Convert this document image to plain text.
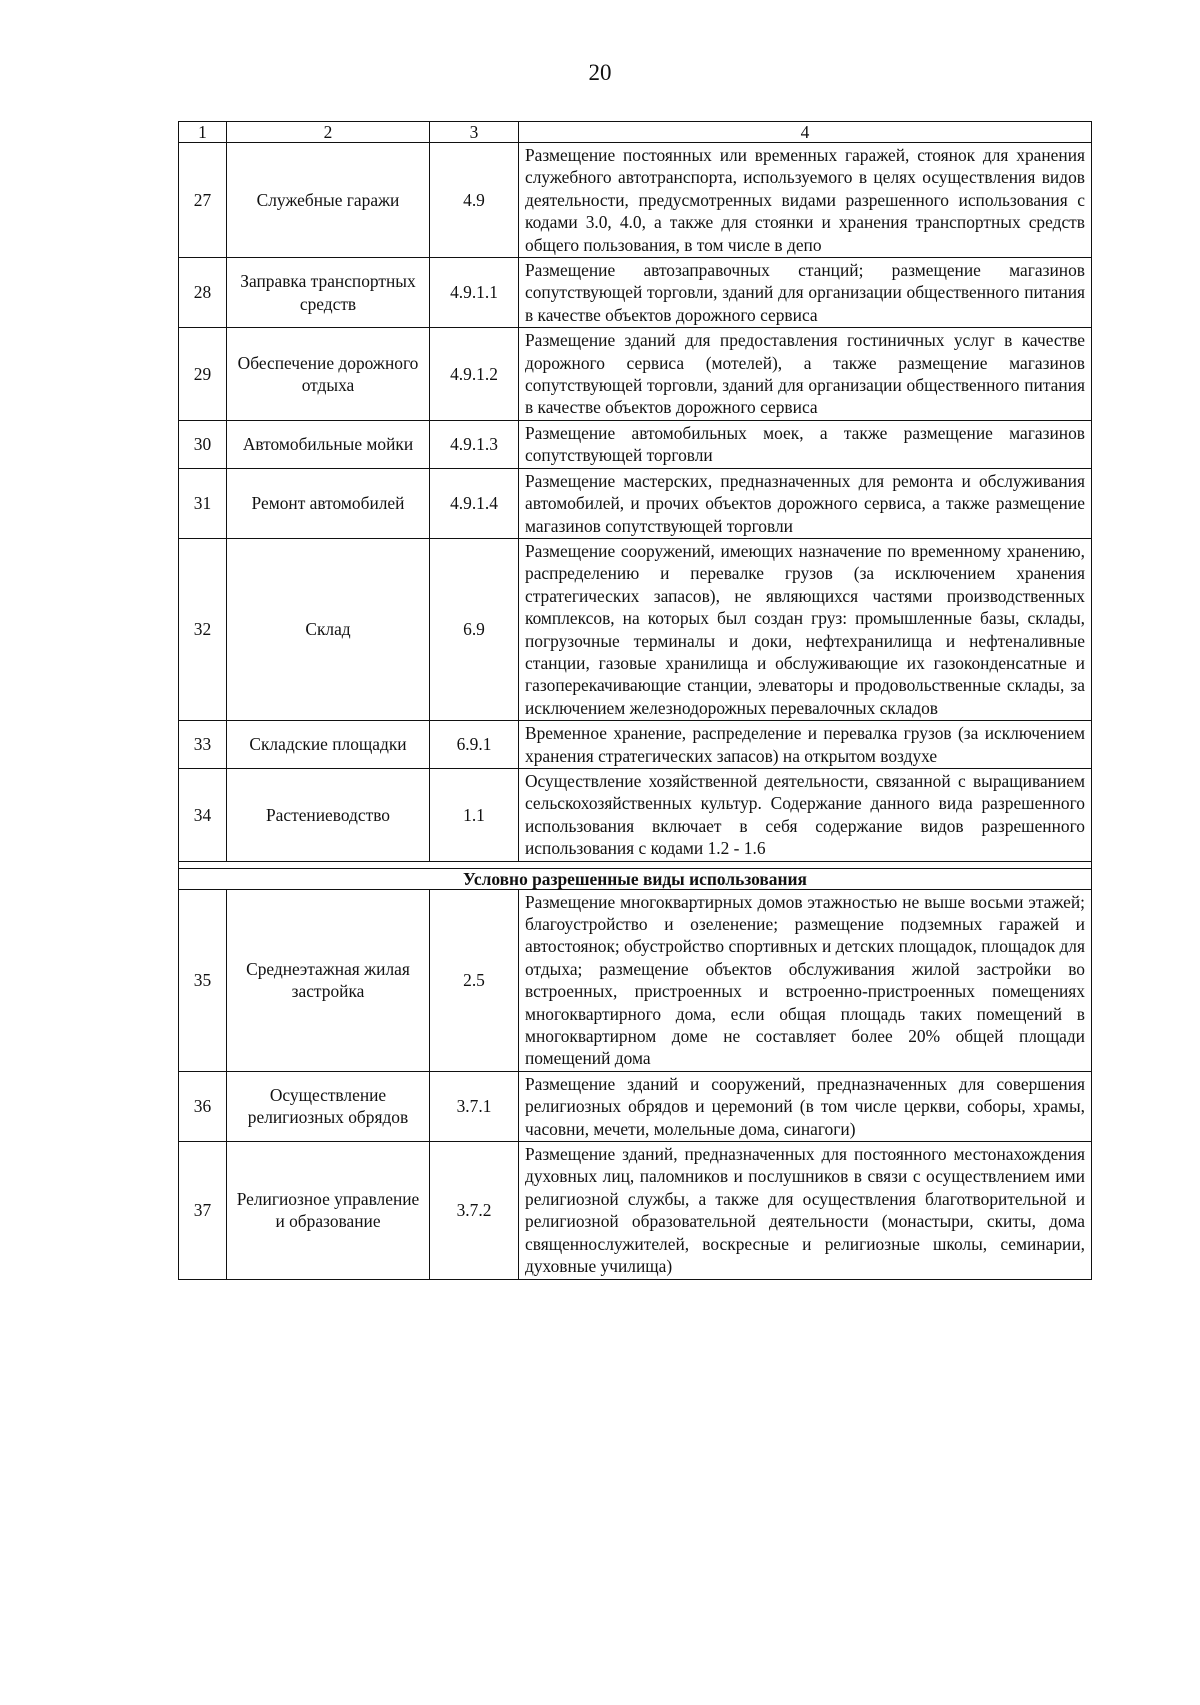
20
1	2	3	4
27	Служебные гаражи	4.9	Размещение постоянных или временных гаражей, стоянок для хранения служебного автотранспорта, используемого в целях осуществления видов деятельности, предусмотренных видами разрешенного использования с кодами 3.0, 4.0, а также для стоянки и хранения транспортных средств общего пользования, в том числе в депо
28	Заправка транспортных средств	4.9.1.1	Размещение автозаправочных станций; размещение магазинов сопутствующей торговли, зданий для организации общественного питания в качестве объектов дорожного сервиса
29	Обеспечение дорожного отдыха	4.9.1.2	Размещение зданий для предоставления гостиничных услуг в качестве дорожного сервиса (мотелей), а также размещение магазинов сопутствующей торговли, зданий для организации общественного питания в качестве объектов дорожного сервиса
30	Автомобильные мойки	4.9.1.3	Размещение автомобильных моек, а также размещение магазинов сопутствующей торговли
31	Ремонт автомобилей	4.9.1.4	Размещение мастерских, предназначенных для ремонта и обслуживания автомобилей, и прочих объектов дорожного сервиса, а также размещение магазинов сопутствующей торговли
32	Склад	6.9	Размещение сооружений, имеющих назначение по временному хранению, распределению и перевалке грузов (за исключением хранения стратегических запасов), не являющихся частями производственных комплексов, на которых был создан груз: промышленные базы, склады, погрузочные терминалы и доки, нефтехранилища и нефтеналивные станции, газовые хранилища и обслуживающие их газоконденсатные и газоперекачивающие станции, элеваторы и продовольственные склады, за исключением железнодорожных перевалочных складов
33	Складские площадки	6.9.1	Временное хранение, распределение и перевалка грузов (за исключением хранения стратегических запасов) на открытом воздухе
34	Растениеводство	1.1	Осуществление хозяйственной деятельности, связанной с выращиванием сельскохозяйственных культур. Содержание данного вида разрешенного использования включает в себя содержание видов разрешенного использования с кодами 1.2 - 1.6

Условно разрешенные виды использования			
35	Среднеэтажная жилая застройка	2.5	Размещение многоквартирных домов этажностью не выше восьми этажей; благоустройство и озеленение; размещение подземных гаражей и автостоянок; обустройство спортивных и детских площадок, площадок для отдыха; размещение объектов обслуживания жилой застройки во встроенных, пристроенных и встроенно-пристроенных помещениях многоквартирного дома, если общая площадь таких помещений в многоквартирном доме не составляет более 20% общей площади помещений дома
36	Осуществление религиозных обрядов	3.7.1	Размещение зданий и сооружений, предназначенных для совершения религиозных обрядов и церемоний (в том числе церкви, соборы, храмы, часовни, мечети, молельные дома, синагоги)
37	Религиозное управление и образование	3.7.2	Размещение зданий, предназначенных для постоянного местонахождения духовных лиц, паломников и послушников в связи с осуществлением ими религиозной службы, а также для осуществления благотворительной и религиозной образовательной деятельности (монастыри, скиты, дома священнослужителей, воскресные и религиозные школы, семинарии, духовные училища)
